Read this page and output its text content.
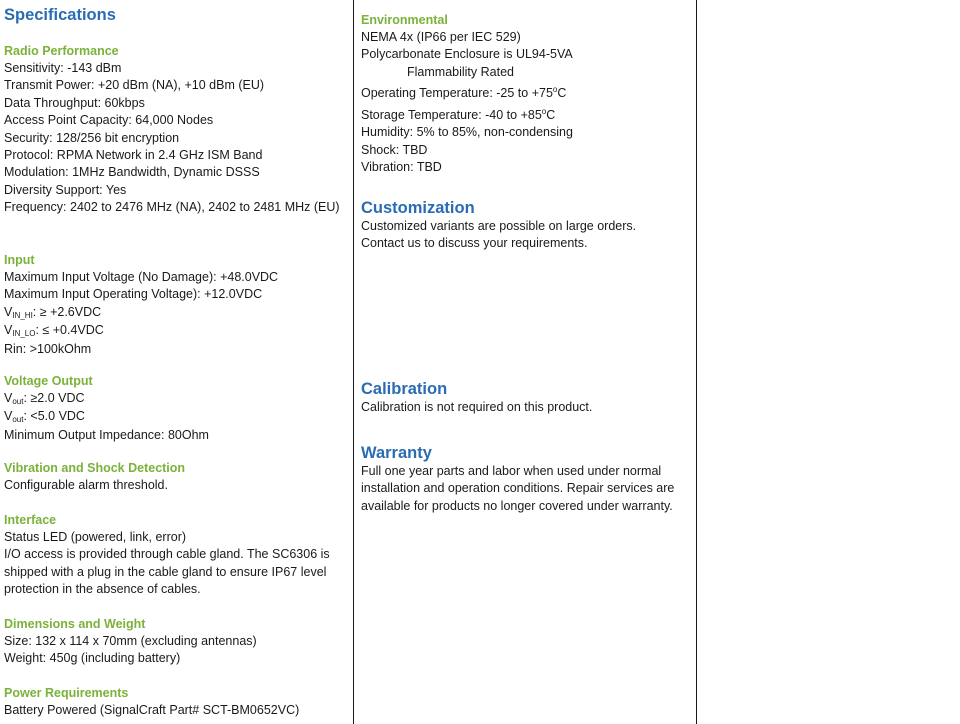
Specifications

Radio Performance

Sensitivity: -143 dBm

Transmit Power: +20 dBm (NA), +10 dBm (EU)

Data Throughput: 60kbps

Access Point Capacity: 64,000 Nodes

Security: 128/256 bit encryption

Protocol: RPMA Network in 2.4 GHz ISM Band

Modulation: 1MHz Bandwidth, Dynamic DSSS

Diversity Support: Yes

Frequency: 2402 to 2476 MHz (NA), 2402 to 2481 MHz (EU)

Input

Maximum Input Voltage (No Damage): +48.0VDC

Maximum Input Operating Voltage): +12.0VDC

$V_{IN\_HI}$: ≥ +2.6VDC

$V_{IN\_LO}$: ≤ +0.4VDC

Rin: >100kOhm

Voltage Output

$V_{out}$: ≥2.0 VDC

$V_{out}$: <5.0 VDC

Minimum Output Impedance: 80Ohm

Vibration and Shock Detection

Configurable alarm threshold.

Interface

Status LED (powered, link, error)

I/O access is provided through cable gland. The SC6306 is shipped with a plug in the cable gland to ensure IP67 level protection in the absence of cables.

Dimensions and Weight

Size: 132 x 114 x 70mm (excluding antennas)

Weight: 450g (including battery)

Power Requirements

Battery Powered (SignalCraft Part# SCT-BM0652VC)

Environmental

NEMA 4x (IP66 per IEC 529)

Polycarbonate Enclosure is UL94-5VA

Flammability Rated

Operating Temperature: -25 to $+75^oC$

Storage Temperature: -40 to $+85^oC$

Humidity: 5% to 85%, non-condensing

Shock: TBD

Vibration: TBD

Customization

Customized variants are possible on large orders.

Contact us to discuss your requirements.

Calibration

Calibration is not required on this product.

Warranty

Full one year parts and labor when used under normal installation and operation conditions. Repair services are available for products no longer covered under warranty.
